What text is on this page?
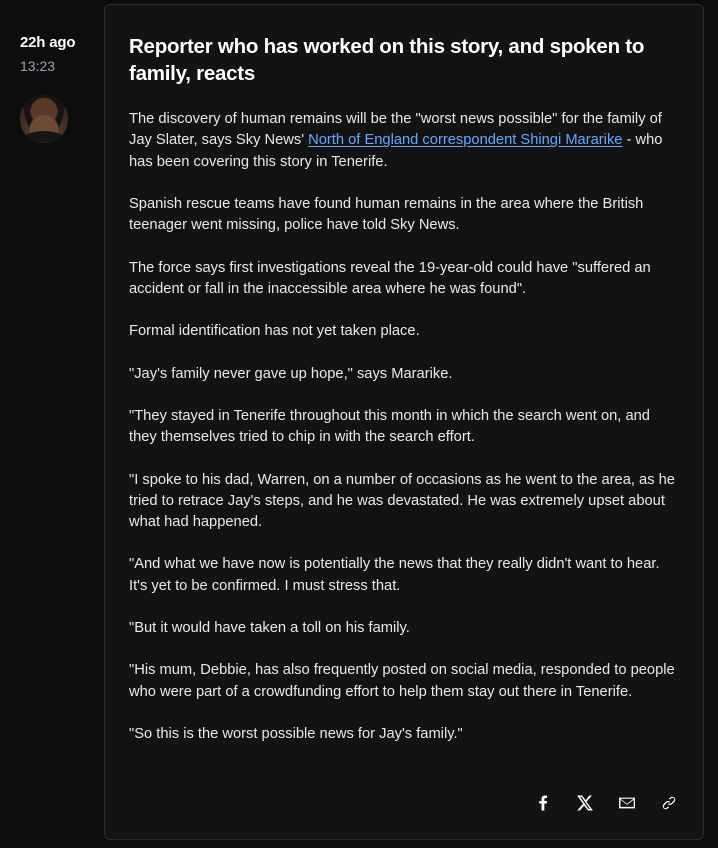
22h ago
13:23
Reporter who has worked on this story, and spoken to family, reacts

The discovery of human remains will be the "worst news possible" for the family of Jay Slater, says Sky News' North of England correspondent Shingi Mararike - who has been covering this story in Tenerife.

Spanish rescue teams have found human remains in the area where the British teenager went missing, police have told Sky News.

The force says first investigations reveal the 19-year-old could have "suffered an accident or fall in the inaccessible area where he was found".

Formal identification has not yet taken place.

"Jay's family never gave up hope," says Mararike.

"They stayed in Tenerife throughout this month in which the search went on, and they themselves tried to chip in with the search effort.

"I spoke to his dad, Warren, on a number of occasions as he went to the area, as he tried to retrace Jay's steps, and he was devastated. He was extremely upset about what had happened.

"And what we have now is potentially the news that they really didn't want to hear. It's yet to be confirmed. I must stress that.

"But it would have taken a toll on his family.

"His mum, Debbie, has also frequently posted on social media, responded to people who were part of a crowdfunding effort to help them stay out there in Tenerife.

"So this is the worst possible news for Jay's family."
